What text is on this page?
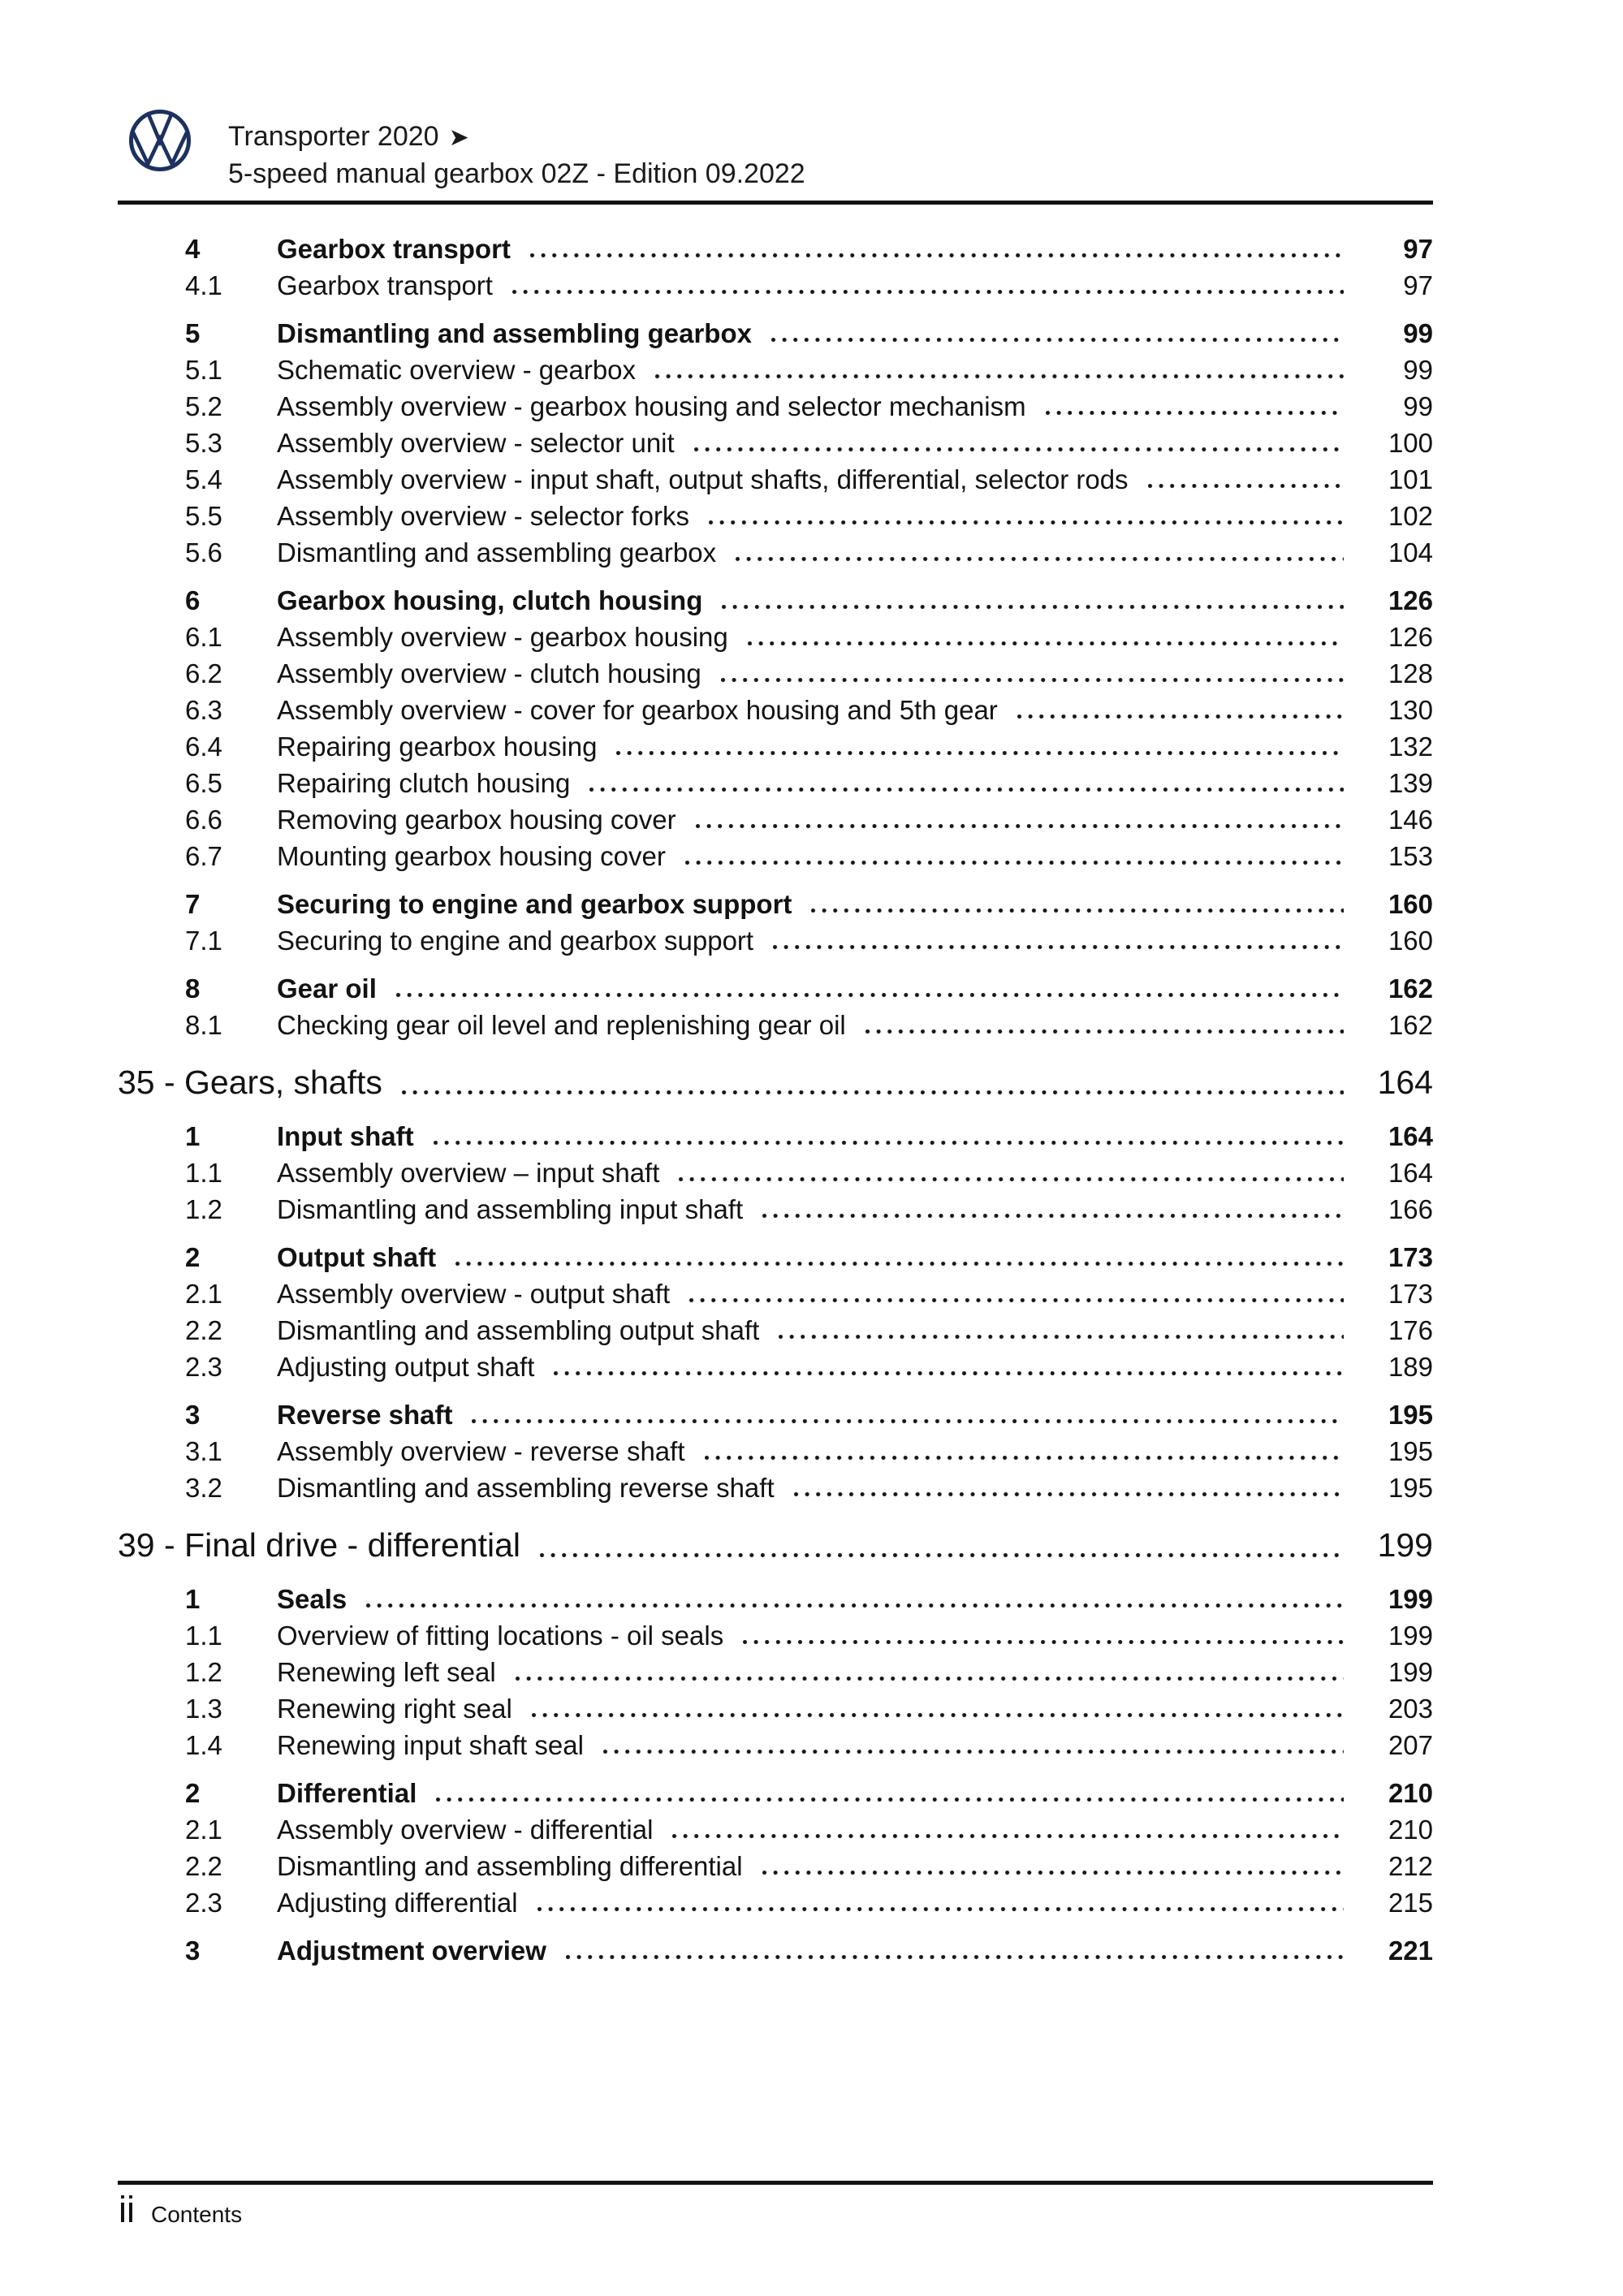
Transporter 2020 ➤
5-speed manual gearbox 02Z - Edition 09.2022
4	Gearbox transport	97
4.1	Gearbox transport	97
5	Dismantling and assembling gearbox	99
5.1	Schematic overview - gearbox	99
5.2	Assembly overview - gearbox housing and selector mechanism	99
5.3	Assembly overview - selector unit	100
5.4	Assembly overview - input shaft, output shafts, differential, selector rods	101
5.5	Assembly overview - selector forks	102
5.6	Dismantling and assembling gearbox	104
6	Gearbox housing, clutch housing	126
6.1	Assembly overview - gearbox housing	126
6.2	Assembly overview - clutch housing	128
6.3	Assembly overview - cover for gearbox housing and 5th gear	130
6.4	Repairing gearbox housing	132
6.5	Repairing clutch housing	139
6.6	Removing gearbox housing cover	146
6.7	Mounting gearbox housing cover	153
7	Securing to engine and gearbox support	160
7.1	Securing to engine and gearbox support	160
8	Gear oil	162
8.1	Checking gear oil level and replenishing gear oil	162
35 - Gears, shafts	164
1	Input shaft	164
1.1	Assembly overview – input shaft	164
1.2	Dismantling and assembling input shaft	166
2	Output shaft	173
2.1	Assembly overview - output shaft	173
2.2	Dismantling and assembling output shaft	176
2.3	Adjusting output shaft	189
3	Reverse shaft	195
3.1	Assembly overview - reverse shaft	195
3.2	Dismantling and assembling reverse shaft	195
39 - Final drive - differential	199
1	Seals	199
1.1	Overview of fitting locations - oil seals	199
1.2	Renewing left seal	199
1.3	Renewing right seal	203
1.4	Renewing input shaft seal	207
2	Differential	210
2.1	Assembly overview - differential	210
2.2	Dismantling and assembling differential	212
2.3	Adjusting differential	215
3	Adjustment overview	221
ii Contents
